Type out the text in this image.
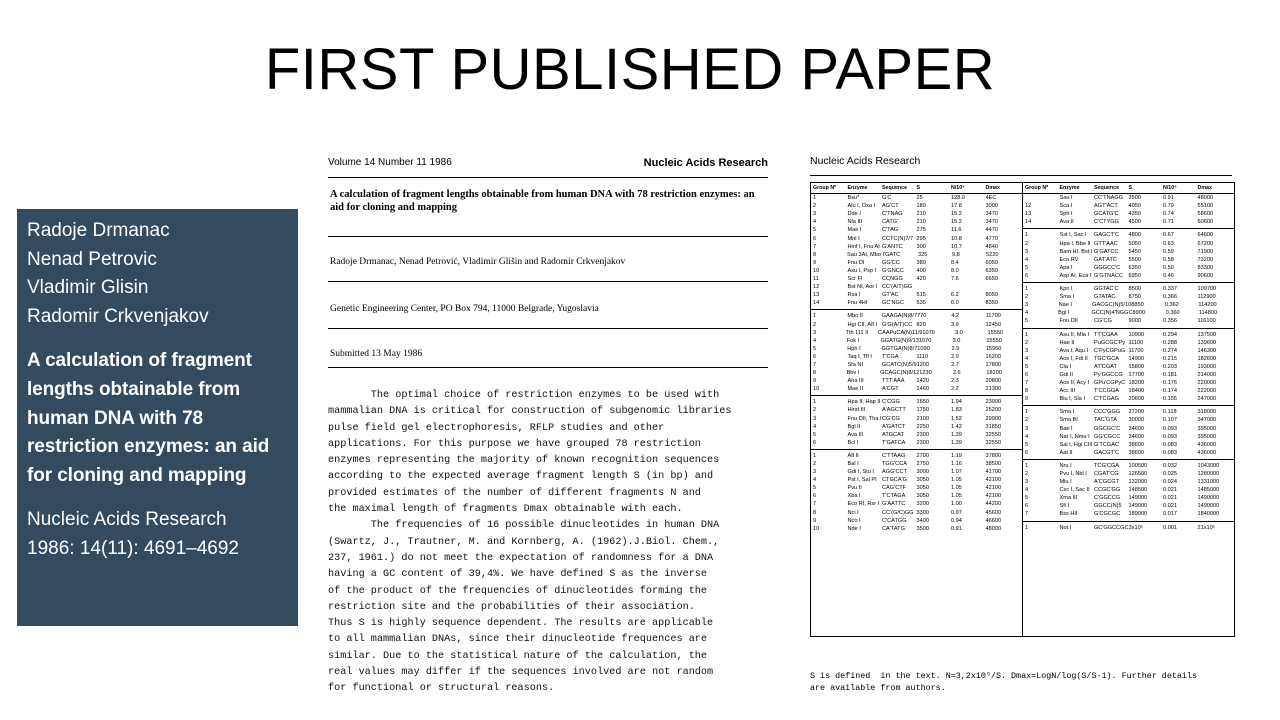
FIRST PUBLISHED PAPER
Radoje Drmanac
Nenad Petrovic
Vladimir Glisin
Radomir Crkvenjakov
A calculation of fragment lengths obtainable from human DNA with 78 restriction enzymes: an aid for cloning and mapping
Nucleic Acids Research
1986: 14(11): 4691–4692
Volume 14 Number 11 1986	Nucleic Acids Research
A calculation of fragment lengths obtainable from human DNA with 78 restriction enzymes: an aid for cloning and mapping
Radoje Drmanac, Nenad Petrović, Vladimir Glišin and Radomir Crkvenjakov
Genetic Engineering Center, PO Box 794, 11000 Belgrade, Yugoslavia
Submitted 13 May 1986
The optimal choice of restriction enzymes to be used with
mammalian DNA is critical for construction of subgenomic libraries
pulse field gel electrophoresis, RFLP studies and other
applications. For this purpose we have grouped 78 restriction
enzymes representing the majority of known recognition sequences
according to the expected average fragment length S (in bp) and
provided estimates of the number of different fragments N and
the maximal length of fragments Dmax obtainable with each.
The frequencies of 16 possible dinucleotides in human DNA
(Swartz, J., Trautner, M. and Kornberg, A. (1962).J.Biol. Chem.,
237, 1961.) do not meet the expectation of randomness for a DNA
having a GC content of 39,4%. We have defined S as the inverse
of the product of the frequencies of dinucleotides forming the
restriction site and the probabilities of their association.
Thus S is highly sequence dependent. The results are applicable
to all mammalian DNAs, since their dinucleotide frequences are
similar. Due to the statistical nature of the calculation, the
real values may differ if the sequences involved are not random
for functional or structural reasons.
Nucleic Acids Research
Group Nº	Enzyme	Sequence	S	N/10⁶	Dmax
1	Bsu*	G'C	25	128.0	4EC
2	Alu I, Oxa I	AG'CT	180	17.8	3000
3	Dde I	C'TNAG	210	15.2	3470
4	Nla III	CATG'	210	15.2	3470
5	Mae I	C'TAG	275	11.6	4470
6	Mnl I	CCTC(N)7/7 295	10.8	4770
7	Hinf I, Fnu AI G'ANTC	300	10.7	4840
8	Sau 3AI, Mbo I 'GATC	325	9.8	5220
9	Fnu DI	GG'CC	380	8.4	6050
10	Asu I, Psp I	G'GNCC	400	8.0	6350
11	Scr FI	CCNGG	420	7.6	6650
12	Bst NI, Aor I CC'(A/T)GG
13	Rsa I	GT'AC	515	6.2	8050
14	Fnu 4HI	GC'NGC	535	6.0	8350
1	Mbo II	GAAGA(N)8/7 770	4.2	11700
2	Hgi CII, Afl I G'G(A/T)CC 820	3.9	12450
3	Tth 111 II	CAAPuCA(N)11/9 1070	3.0	15550
4	Fok I	GGATG(N)9/13 1070	3.0	15550
5	Hph I	GGTGA(N)8/7 1090	2.9	15950
6	Taq I, Tfl I	T'CGA	1110	2.9	16200
7	Sfa NI	GCATC(N)5/9 1200	2.7	17800
8	Bbv I	GCAGC(N)8/12 1230	2.6	18200
9	Aha III	TTT'AAA	1420	2.3	20800
10	Mae II	A'CGT	1460	2.2	21300
1	Hpa II, Hap II C'CGG	1650	1.94	23900
2	Hind III	A'AGCTT	1750	1.83	25200
3	Fnu DII, Tha I CG'CG	2100	1.52	29900
4	Bgl II	A'GATCT	2250	1.42	31850
5	Ava III	ATGCAT	2300	1.39	32550
6	Bcl I	T'GATCA	2300	1.39	32550
1	Afl II	C'TTAAG	2700	1.19	37800
2	Bal I	TGG'CCA	2750	1.16	38500
3	Gdi I, Stu I	AGG'CCT	3000	1.07	41700
4	Pst I, Sal PI CTGCA'G	3050	1.05	42100
5	Pvu II	CAG'CTF	3050	1.05	42100
6	Xba I	T'CTAGA	3050	1.05	42100
7	Eco RI, Rsr I G'AATTC	3200	1.00	44200
8	Nci I	CC'(G/C)GG 3300	0.97	45600
9	Nco I	C'CATGG	3400	0.94	46600
10	Nde I	CA'TATG	3500	0.91	48000
Group Nº	Enzyme	Sequence	S	N/10⁶	Dmax
Sau I	CC'TNAGG 3500	0.91	48000
12	Sca I	AGT'ACT	4050	0.79	55100
13	Sph I	GCATG'C	4350	0.74	58600
14	Ava II	C'CTYGG	4500	0.71	60600
1	Sst I, Sac I	GAGCT'C	4800	0.67	64600
2	Hpa I, Bbe II GTT'AAC	5050	0.63	67200
3	Bam HI, Bst I G'GATCC	5450	0.59	71900
4	Eco RV	GAT'ATC	5500	0.58	73200
5	Apa I	GGGCC'C	6350	0.50	83300
6	Asp AI, Eca I G'GTNACC 6950	0.46	90600
1	Kpn I	GGTAC'C	8500	0.337	109700
2	Sma I	GTATAC	8750	0.366	112900
3	Nae I	GACGC(N)5/10 8850	0.362	114200
4	Bgl I	GCC(N)4'NGGC 8900	0.360	114800
5	Fnu DII	CG'CG	9000	0.356	116100
1	Asu II, Mla I TT'CGAA	10900	0.294	137500
2	Hae II	PuGCGC'Py 11100	0.288	139600
3	Ava I, Aqu I	C'PyCGPuG 11700	0.274	146300
4	Aos I, Fdi II	TGC'GCA	14900	0.215	182600
5	Cla I	AT'CGAT	15800	0.203	193000
6	Gdi II	Py'GGCCG	17700	0.181	214000
7	Aos II, Acy I GPu'CGPyC 18200	0.176	220000
8	Acc III	T'CCGGA	18400	0.174	222000
9	Blu I, Sla I	C'TCGAG	20600	0.155	247000
1	Sma I	CCC'GGG	27200	0.118	318000
2	Sma BI	TAC'GTA	30000	0.107	347000
3	Bae I	GGCGC'C	34600	0.093	395000
4	Nar I, Nmu I GG'CGCC	34600	0.093	395000
5	Sal I, Hgi CIII G'TCGAC	38600	0.083	436000
6	Aat II	GACGT'C	38600	0.083	436000
1	Nru I	TCG'CGA	100500	0.032	1043000
2	Pvu I, Nbl I	CGAT'CG	126500	0.025	1280000
3	Mlu I	A'CGCGT	132000	0.024	1331000
4	Csc I, Sac II CCGC'GG	148500	0.021	1485000
5	Xma III	C'GGCCG	149000	0.021	1490000
6	Sfi I	GGCC(N)5	149000	0.021	1490000
7	Bss HII	G'CGCGC	189000	0.017	1840000
1	Not I	GC'GGCCGC 3x10⁶	0.001	21x10⁶
S is defined  in the text. N=3,2x10⁹/S. Dmax=LogN/log(S/S-1). Further details
are available from authors.
